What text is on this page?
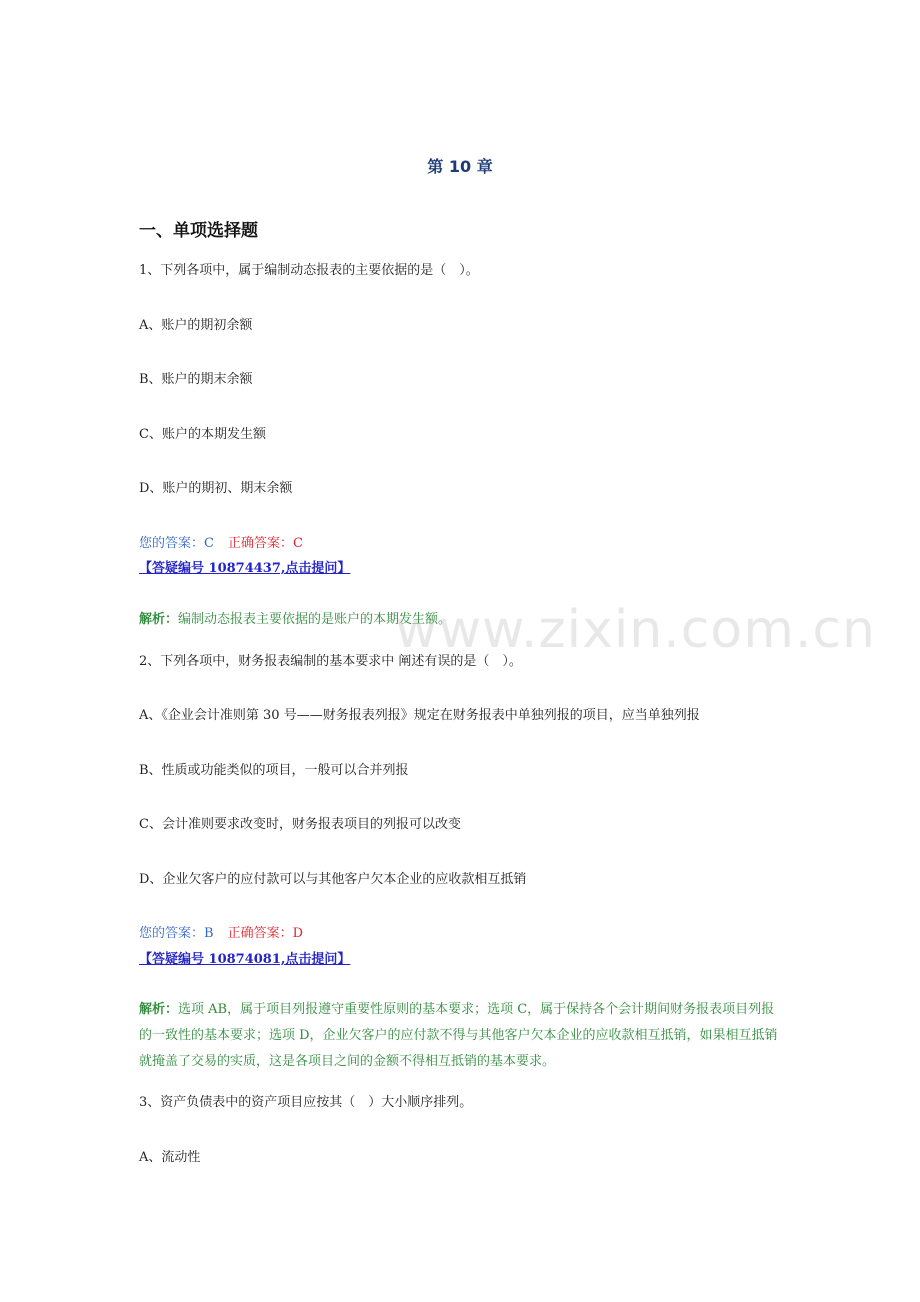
第 10 章
一、单项选择题
www.zixin.com.cn
1、下列各项中，属于编制动态报表的主要依据的是（　）。
A、账户的期初余额
B、账户的期末余额
C、账户的本期发生额
D、账户的期初、期末余额
您的答案：C 正确答案：C
【答疑编号 10874437,点击提问】
解析：编制动态报表主要依据的是账户的本期发生额。
2、下列各项中，财务报表编制的基本要求中 阐述有误的是（　）。
A、《企业会计准则第 30 号——财务报表列报》规定在财务报表中单独列报的项目，应当单独列报
B、性质或功能类似的项目，一般可以合并列报
C、会计准则要求改变时，财务报表项目的列报可以改变
D、企业欠客户的应付款可以与其他客户欠本企业的应收款相互抵销
您的答案：B 正确答案：D
【答疑编号 10874081,点击提问】
解析：选项 AB，属于项目列报遵守重要性原则的基本要求；选项 C，属于保持各个会计期间财务报表项目列报的一致性的基本要求；选项 D，企业欠客户的应付款不得与其他客户欠本企业的应收款相互抵销，如果相互抵销就掩盖了交易的实质，这是各项目之间的金额不得相互抵销的基本要求。
3、资产负债表中的资产项目应按其（　）大小顺序排列。
A、流动性
